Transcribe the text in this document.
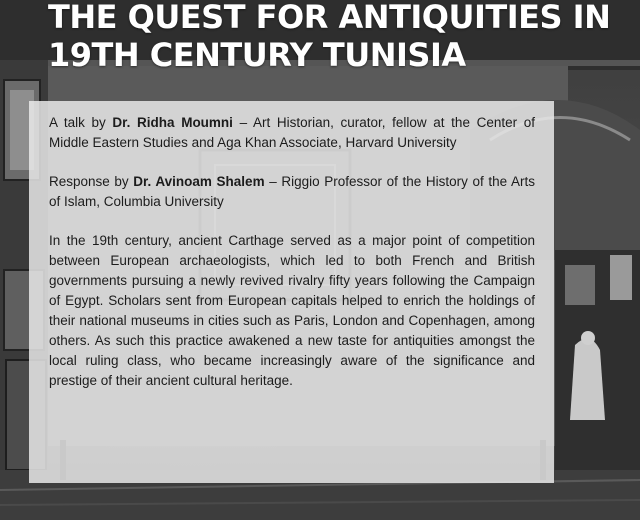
THE QUEST FOR ANTIQUITIES IN
19TH CENTURY TUNISIA

A talk by Dr. Ridha Moumni – Art Historian, curator, fellow at the Center of Middle Eastern Studies and Aga Khan Associate, Harvard University

Response by Dr. Avinoam Shalem – Riggio Professor of the History of the Arts of Islam, Columbia University

In the 19th century, ancient Carthage served as a major point of competition between European archaeologists, which led to both French and British governments pursuing a newly revived rivalry fifty years following the Campaign of Egypt. Scholars sent from European capitals helped to enrich the holdings of their national museums in cities such as Paris, London and Copenhagen, among others. As such this practice awakened a new taste for antiquities amongst the local ruling class, who became increasingly aware of the significance and prestige of their ancient cultural heritage.
